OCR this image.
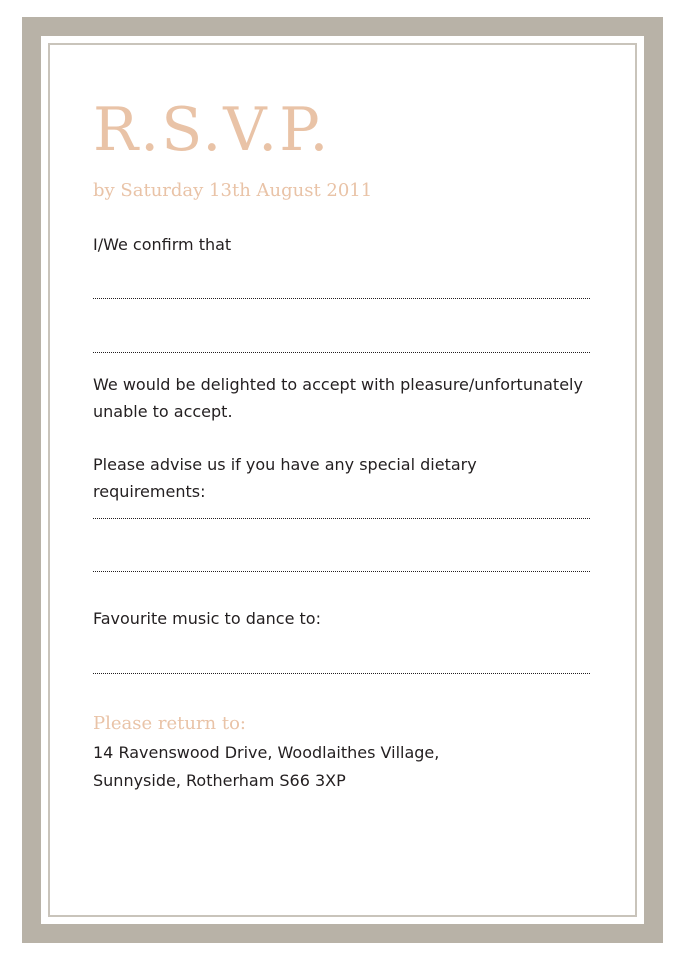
R.S.V.P.
by Saturday 13th August 2011
I/We confirm that
We would be delighted to accept with pleasure/unfortunately unable to accept.
Please advise us if you have any special dietary requirements:
Favourite music to dance to:
Please return to:
14 Ravenswood Drive, Woodlaithes Village,
Sunnyside, Rotherham S66 3XP
